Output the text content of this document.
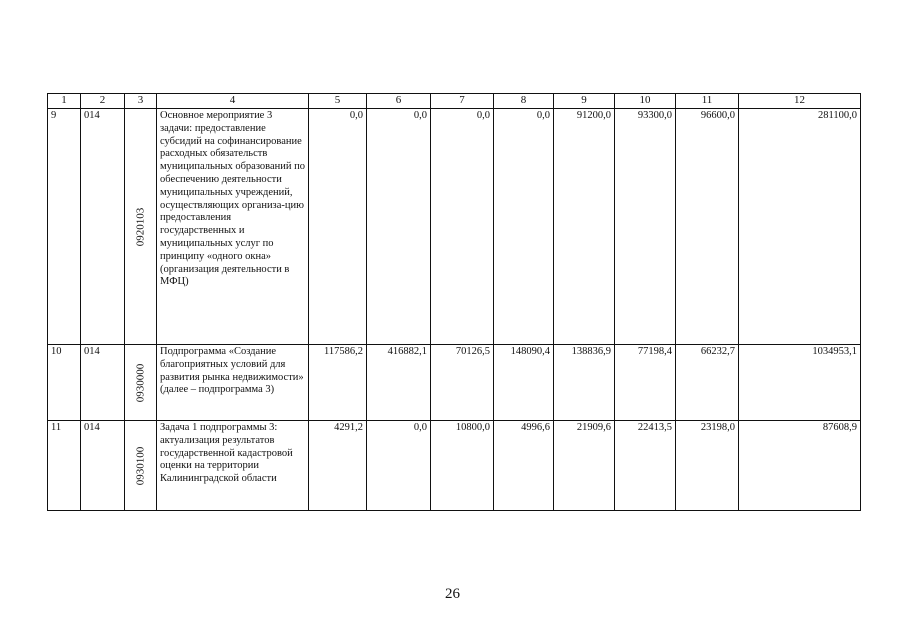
1	2	3	4	5	6	7	8	9	10	11	12
9	014	0920103	Основное мероприятие 3 задачи: предоставление субсидий на софинансирование расходных обязательств муниципальных образований по обеспечению деятельности муниципальных учреждений, осуществляющих организа-цию предоставления государственных и муниципальных услуг по принципу «одного окна» (организация деятельности в МФЦ)	0,0	0,0	0,0	0,0	91200,0	93300,0	96600,0	281100,0
10	014	0930000	Подпрограмма «Создание благоприятных условий для развития рынка недвижимости» (далее – подпрограмма 3)	117586,2	416882,1	70126,5	148090,4	138836,9	77198,4	66232,7	1034953,1
11	014	0930100	Задача 1 подпрограммы 3: актуализация результатов государственной кадастровой оценки на территории Калининградской области	4291,2	0,0	10800,0	4996,6	21909,6	22413,5	23198,0	87608,9
26
